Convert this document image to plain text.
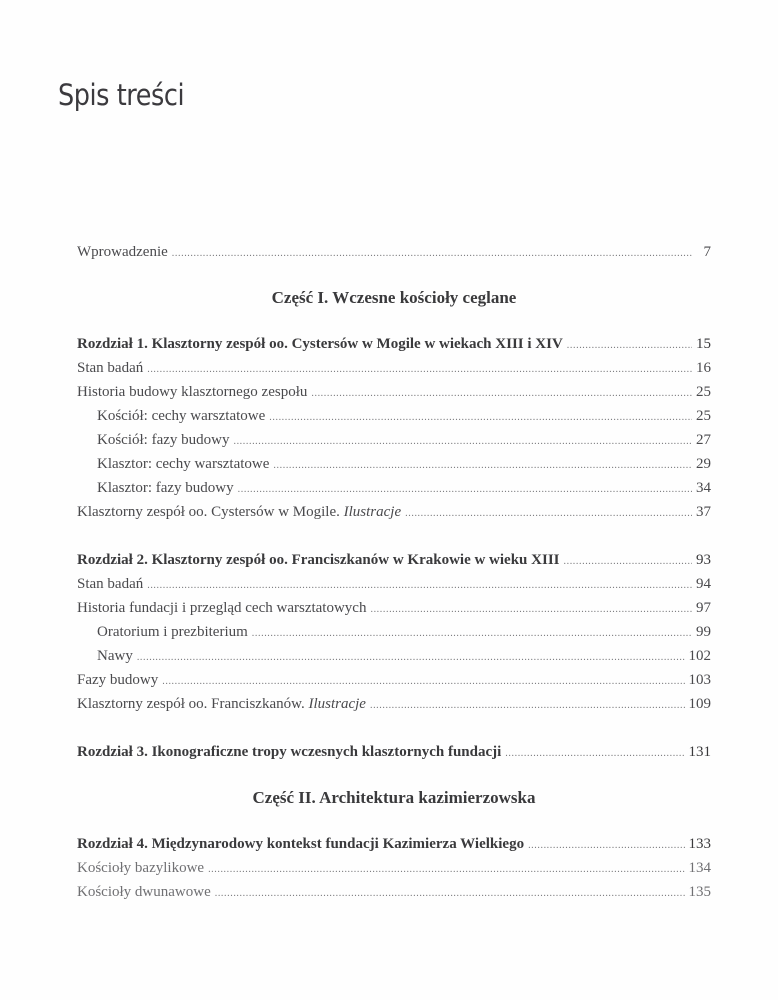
Spis treści
Wprowadzenie .....	7
Część I. Wczesne kościoły ceglane
Rozdział 1. Klasztorny zespół oo. Cystersów w Mogile w wiekach XIII i XIV .....	15
Stan badań .....	16
Historia budowy klasztornego zespołu .....	25
Kościół: cechy warsztatowe .....	25
Kościół: fazy budowy .....	27
Klasztor: cechy warsztatowe .....	29
Klasztor: fazy budowy .....	34
Klasztorny zespół oo. Cystersów w Mogile. Ilustracje .....	37
Rozdział 2. Klasztorny zespół oo. Franciszkanów w Krakowie w wieku XIII .....	93
Stan badań .....	94
Historia fundacji i przegląd cech warsztatowych .....	97
Oratorium i prezbiterium .....	99
Nawy .....	102
Fazy budowy .....	103
Klasztorny zespół oo. Franciszkanów. Ilustracje .....	109
Rozdział 3. Ikonograficzne tropy wczesnych klasztornych fundacji .....	131
Część II. Architektura kazimierzowska
Rozdział 4. Międzynarodowy kontekst fundacji Kazimierza Wielkiego .....	133
Kościoły bazylikowe .....	134
Kościoły dwunawowe .....	135
